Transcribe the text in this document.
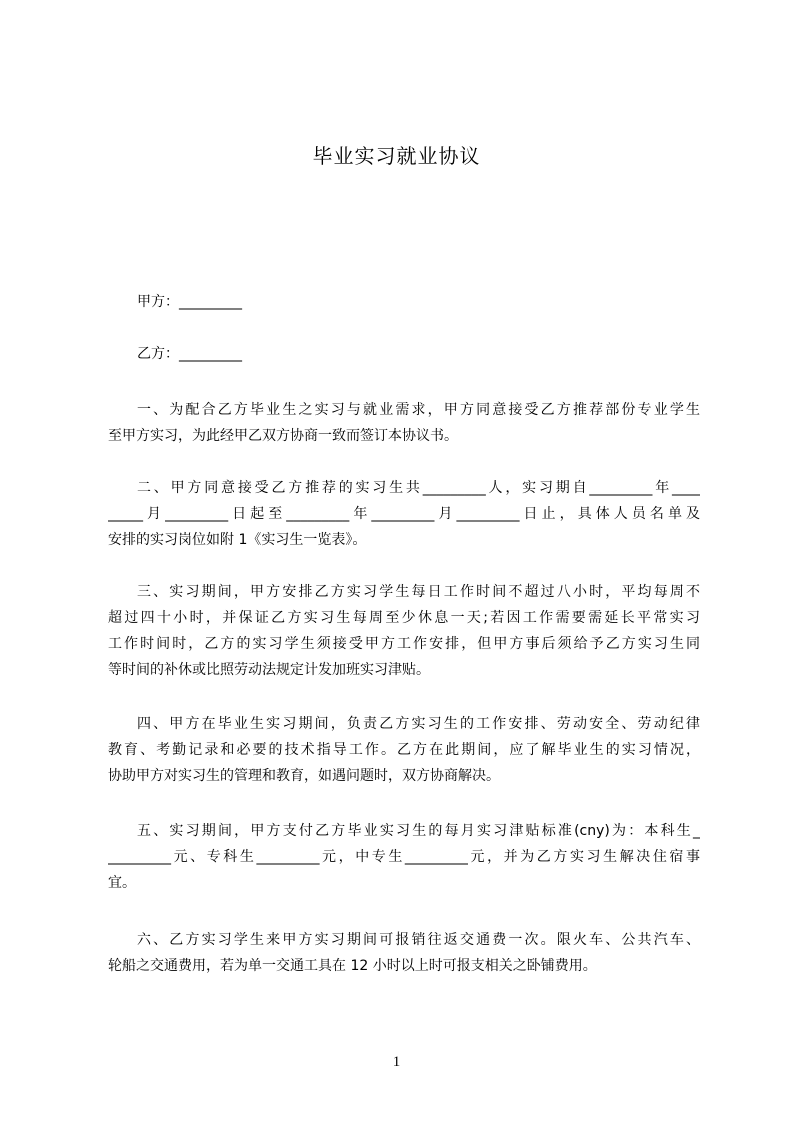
毕业实习就业协议
甲方：_________
乙方：_________
一、为配合乙方毕业生之实习与就业需求，甲方同意接受乙方推荐部份专业学生
至甲方实习，为此经甲乙双方协商一致而签订本协议书。
二、甲方同意接受乙方推荐的实习生共_________人，实习期自_________年____
_____月_________日起至_________年_________月_________日止，具体人员名单及
安排的实习岗位如附 1《实习生一览表》。
三、实习期间，甲方安排乙方实习学生每日工作时间不超过八小时，平均每周不
超过四十小时，并保证乙方实习生每周至少休息一天;若因工作需要需延长平常实习
工作时间时，乙方的实习学生须接受甲方工作安排，但甲方事后须给予乙方实习生同
等时间的补休或比照劳动法规定计发加班实习津贴。
四、甲方在毕业生实习期间，负责乙方实习生的工作安排、劳动安全、劳动纪律
教育、考勤记录和必要的技术指导工作。乙方在此期间，应了解毕业生的实习情况，
协助甲方对实习生的管理和教育，如遇问题时，双方协商解决。
五、实习期间，甲方支付乙方毕业实习生的每月实习津贴标准(cny)为：本科生_
_________元、专科生_________元，中专生_________元，并为乙方实习生解决住宿事
宜。
六、乙方实习学生来甲方实习期间可报销往返交通费一次。限火车、公共汽车、
轮船之交通费用，若为单一交通工具在 12 小时以上时可报支相关之卧铺费用。
1
